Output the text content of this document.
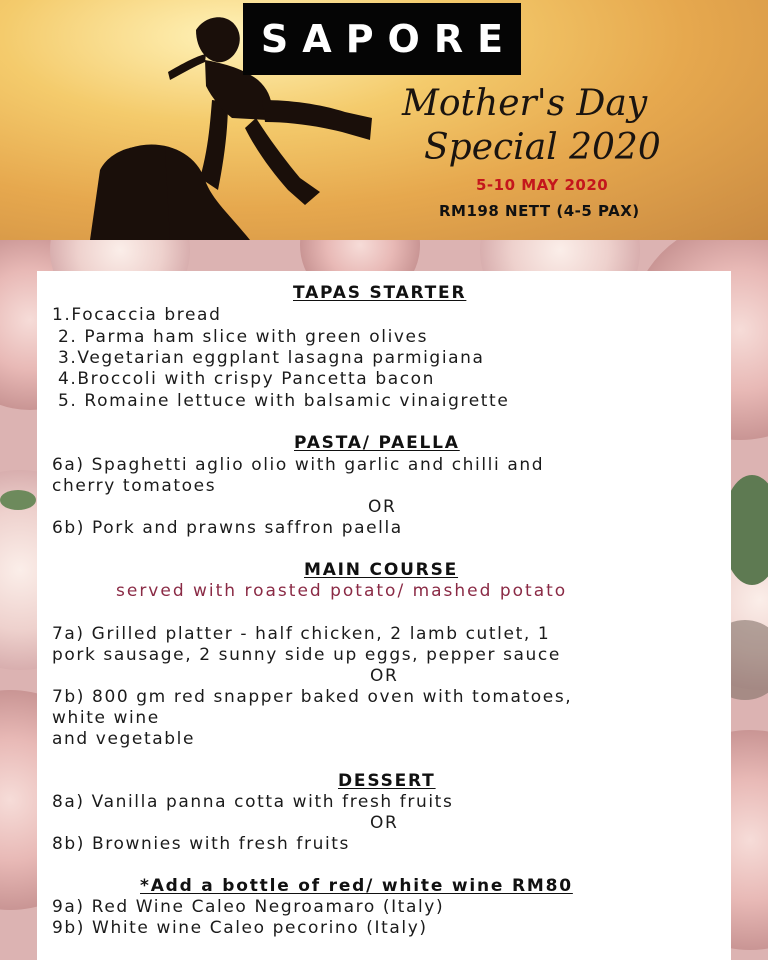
SAPORE
Mother's Day
Special 2020
5-10 MAY 2020
RM198 NETT (4-5 PAX)
TAPAS STARTER
1.Focaccia bread
2. Parma ham slice with green olives
3.Vegetarian eggplant lasagna parmigiana
4.Broccoli with crispy Pancetta bacon
5. Romaine lettuce with balsamic vinaigrette
PASTA/ PAELLA
6a) Spaghetti aglio olio with garlic and chilli and
cherry tomatoes
OR
6b) Pork and prawns saffron paella
MAIN COURSE
served with roasted potato/ mashed potato
7a) Grilled platter - half chicken, 2 lamb cutlet, 1
pork sausage, 2 sunny side up eggs, pepper sauce
OR
7b) 800 gm red snapper baked oven with tomatoes,
white wine
and vegetable
DESSERT
8a) Vanilla panna cotta with fresh fruits
OR
8b) Brownies with fresh fruits
*Add a bottle of red/ white wine RM80
9a) Red Wine Caleo Negroamaro (Italy)
9b) White wine Caleo pecorino (Italy)
